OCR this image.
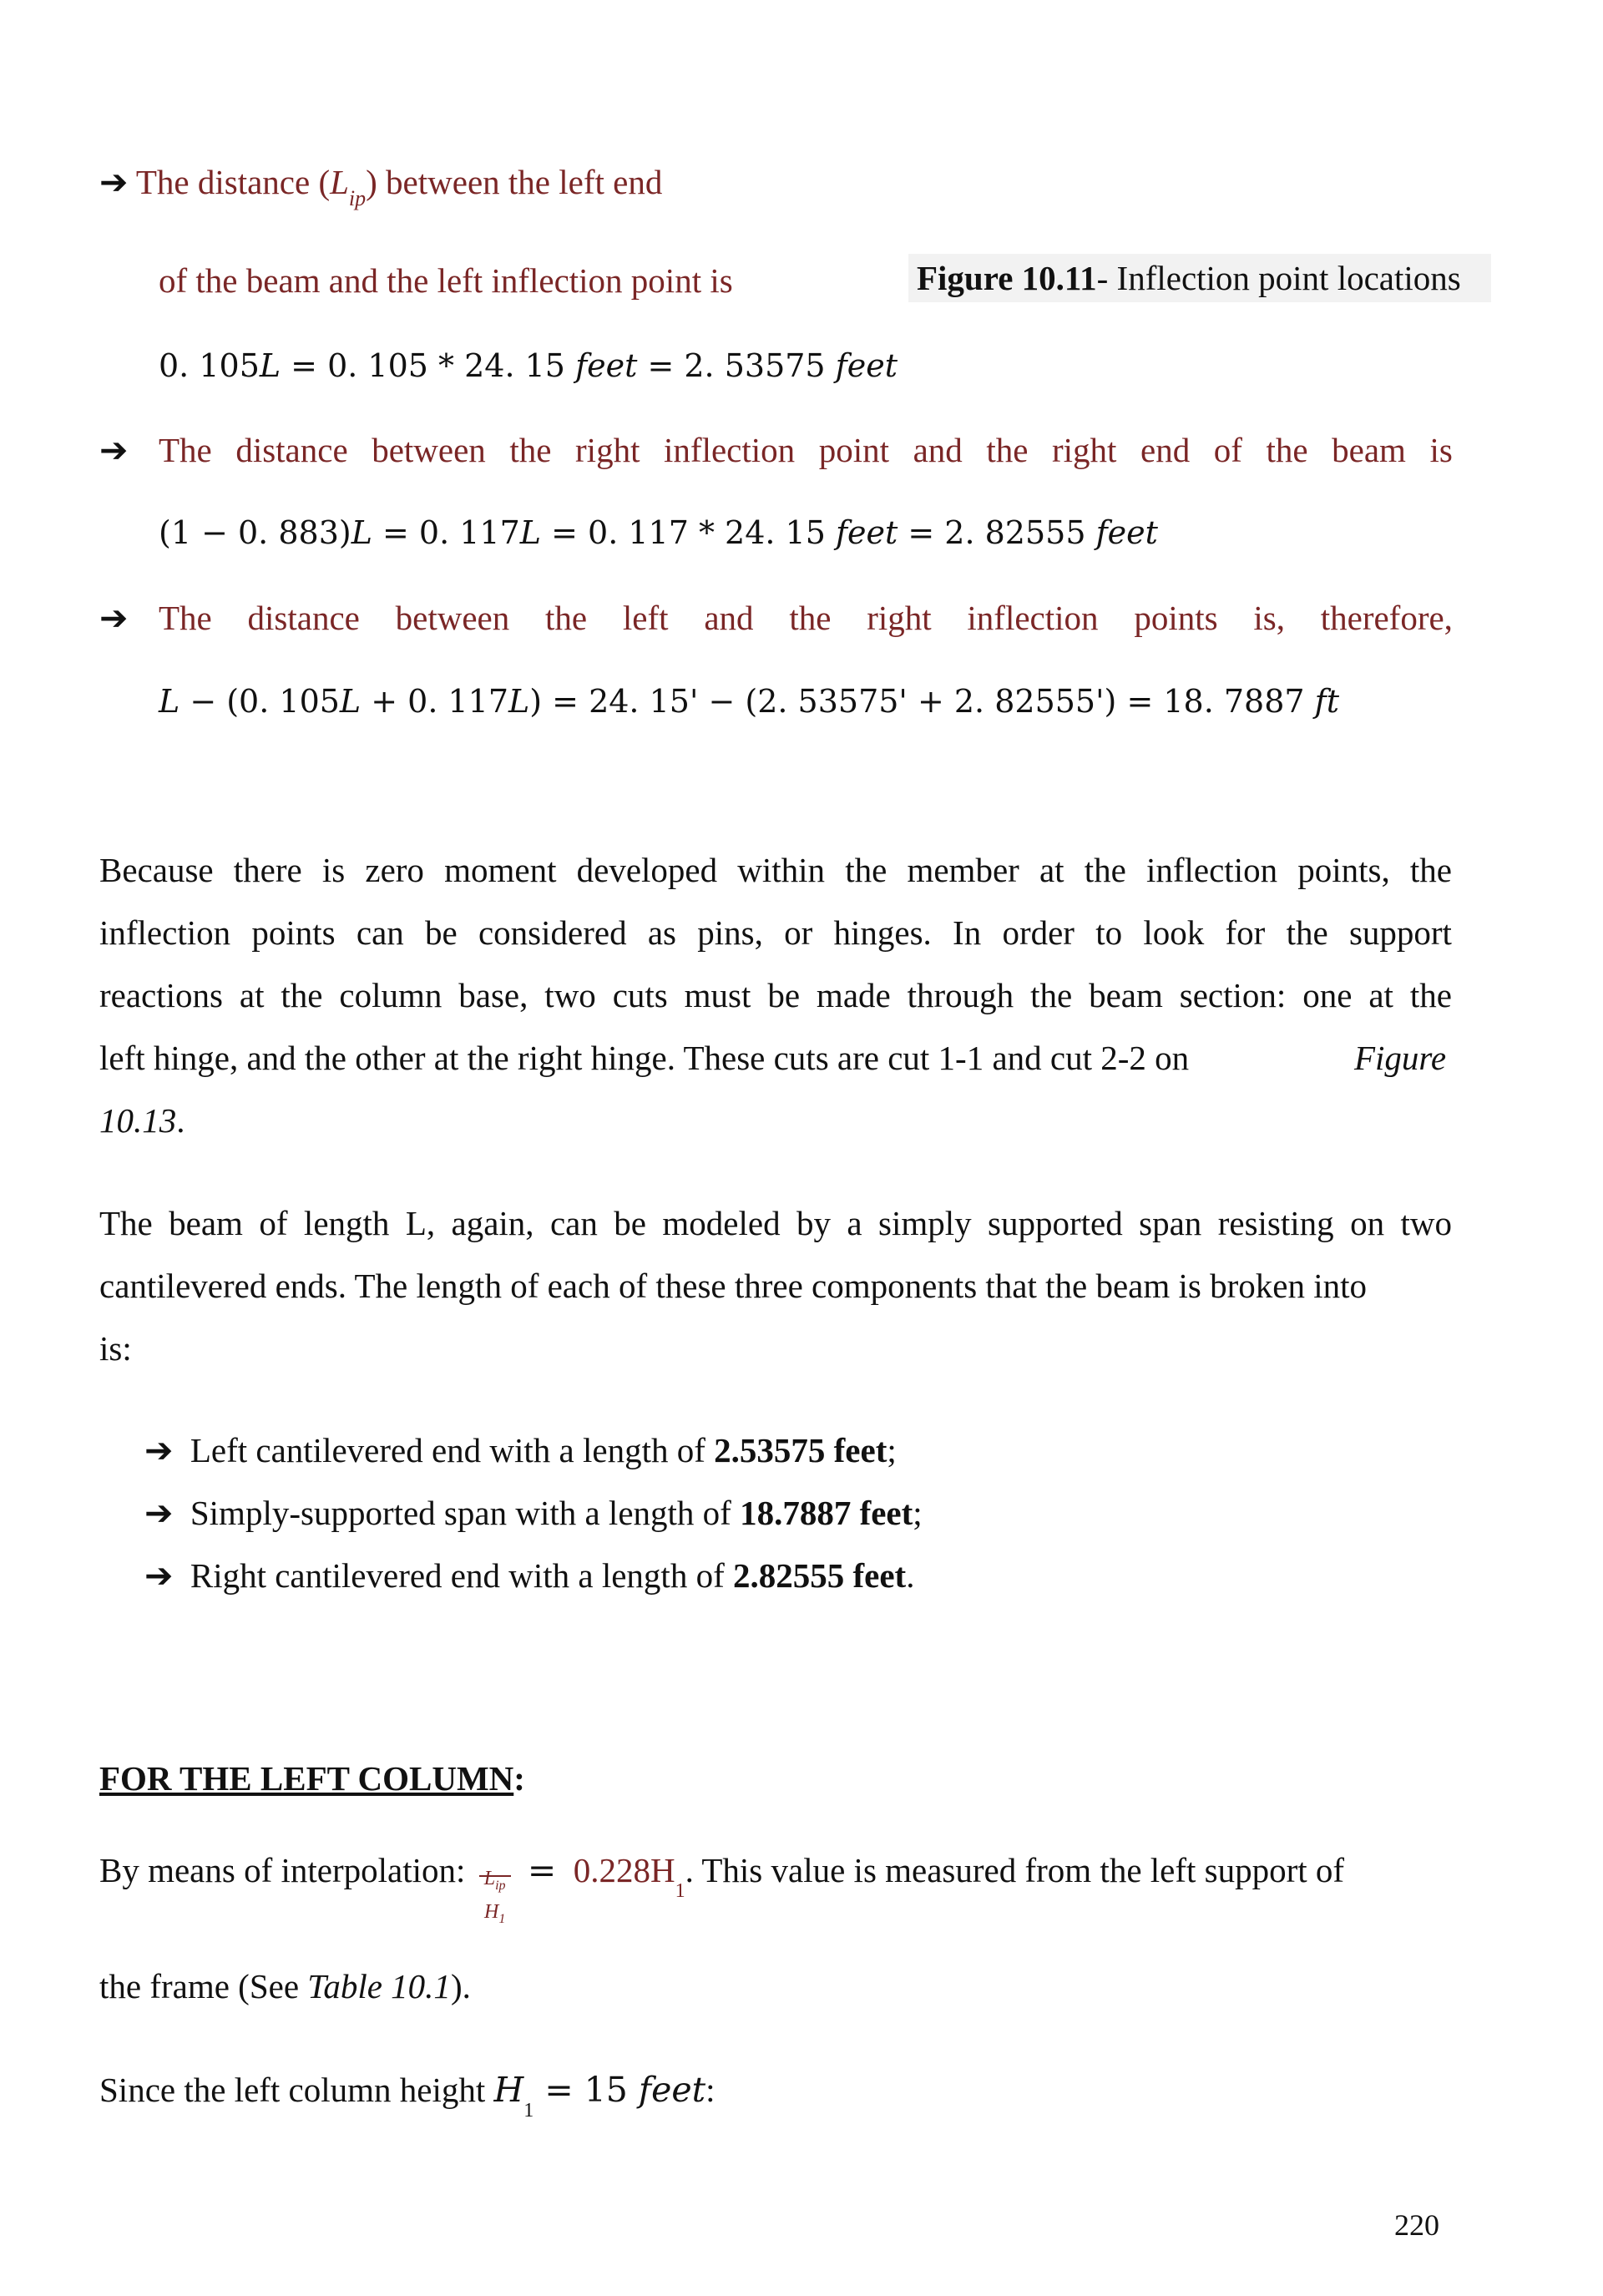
➔ The distance $(L_{ip})$ between the left end
of the beam and the left inflection point is	Figure 10.11- Inflection point locations
0. 105𝐿 = 0. 105 * 24. 15 𝑓𝑒𝑒𝑡 = 2. 53575 𝑓𝑒𝑒𝑡
➔ The distance between the right inflection point and the right end of the beam is
(1 − 0. 883)𝐿 = 0. 117𝐿 = 0. 117 * 24. 15 𝑓𝑒𝑒𝑡 = 2. 82555 𝑓𝑒𝑒𝑡
➔ The distance between the left and the right inflection points is, therefore,
𝐿 − (0. 105𝐿 + 0. 117𝐿) = 24. 15' − (2. 53575' + 2. 82555') = 18. 7887 𝑓𝑡
Because there is zero moment developed within the member at the inflection points, the
inflection points can be considered as pins, or hinges. In order to look for the support
reactions at the column base, two cuts must be made through the beam section: one at the
left hinge, and the other at the right hinge. These cuts are cut 1-1 and cut 2-2 on	Figure
10.13.
The beam of length L, again, can be modeled by a simply supported span resisting on two
cantilevered ends. The length of each of these three components that the beam is broken into
is:
➔ Left cantilevered end with a length of 2.53575 feet;
➔ Simply-supported span with a length of 18.7887 feet;
➔ Right cantilevered end with a length of 2.82555 feet.
FOR THE LEFT COLUMN:
By means of interpolation: $L_{ip}$
$H_1$
= $0.228H_1$. This value is measured from the left support of
the frame (See Table 10.1).
Since the left column height $H_1 = 15$ 𝑓𝑒𝑒𝑡:
220
